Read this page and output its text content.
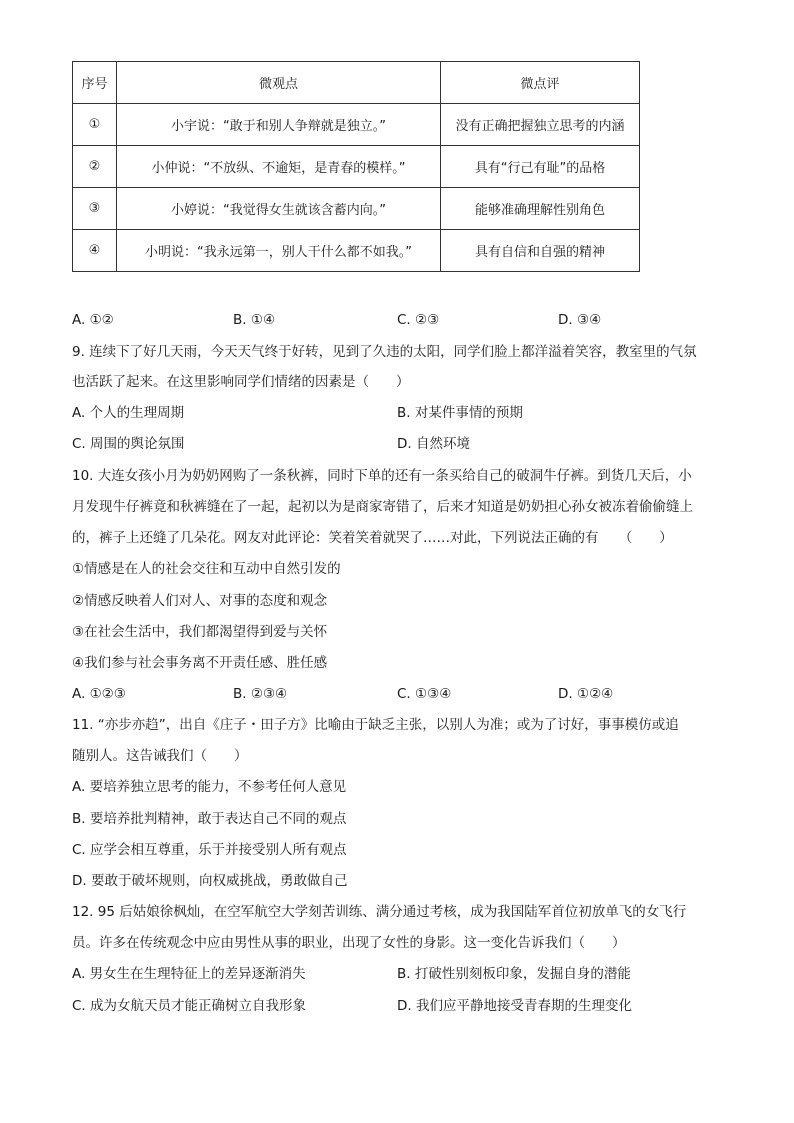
序号	微观点	微点评
①	小宇说：“敢于和别人争辩就是独立。”	没有正确把握独立思考的内涵
②	小仲说：“不放纵、不逾矩，是青春的模样。”	具有“行己有耻”的品格
③	小婷说：“我觉得女生就该含蓄内向。”	能够准确理解性别角色
④	小明说：“我永远第一，别人干什么都不如我。”	具有自信和自强的精神
A. ①②	B. ①④	C. ②③	D. ③④
9. 连续下了好几天雨，今天天气终于好转，见到了久违的太阳，同学们脸上都洋溢着笑容，教室里的气氛
也活跃了起来。在这里影响同学们情绪的因素是（　　）
A. 个人的生理周期	B. 对某件事情的预期
C. 周围的舆论氛围	D. 自然环境
10. 大连女孩小月为奶奶网购了一条秋裤，同时下单的还有一条买给自己的破洞牛仔裤。到货几天后，小
月发现牛仔裤竟和秋裤缝在了一起，起初以为是商家寄错了，后来才知道是奶奶担心孙女被冻着偷偷缝上
的，裤子上还缝了几朵花。网友对此评论：笑着笑着就哭了……对此，下列说法正确的有　　（　　）
①情感是在人的社会交往和互动中自然引发的
②情感反映着人们对人、对事的态度和观念
③在社会生活中，我们都渴望得到爱与关怀
④我们参与社会事务离不开责任感、胜任感
A. ①②③	B. ②③④	C. ①③④	D. ①②④
11. “亦步亦趋”，出自《庄子・田子方》比喻由于缺乏主张，以别人为准；或为了讨好，事事模仿或追
随别人。这告诫我们（　　）
A. 要培养独立思考的能力，不参考任何人意见
B. 要培养批判精神，敢于表达自己不同的观点
C. 应学会相互尊重，乐于并接受别人所有观点
D. 要敢于破坏规则，向权威挑战，勇敢做自己
12. 95 后姑娘徐枫灿，在空军航空大学刻苦训练、满分通过考核，成为我国陆军首位初放单飞的女飞行
员。许多在传统观念中应由男性从事的职业，出现了女性的身影。这一变化告诉我们（　　）
A. 男女生在生理特征上的差异逐渐消失	B. 打破性别刻板印象，发掘自身的潜能
C. 成为女航天员才能正确树立自我形象	D. 我们应平静地接受青春期的生理变化
